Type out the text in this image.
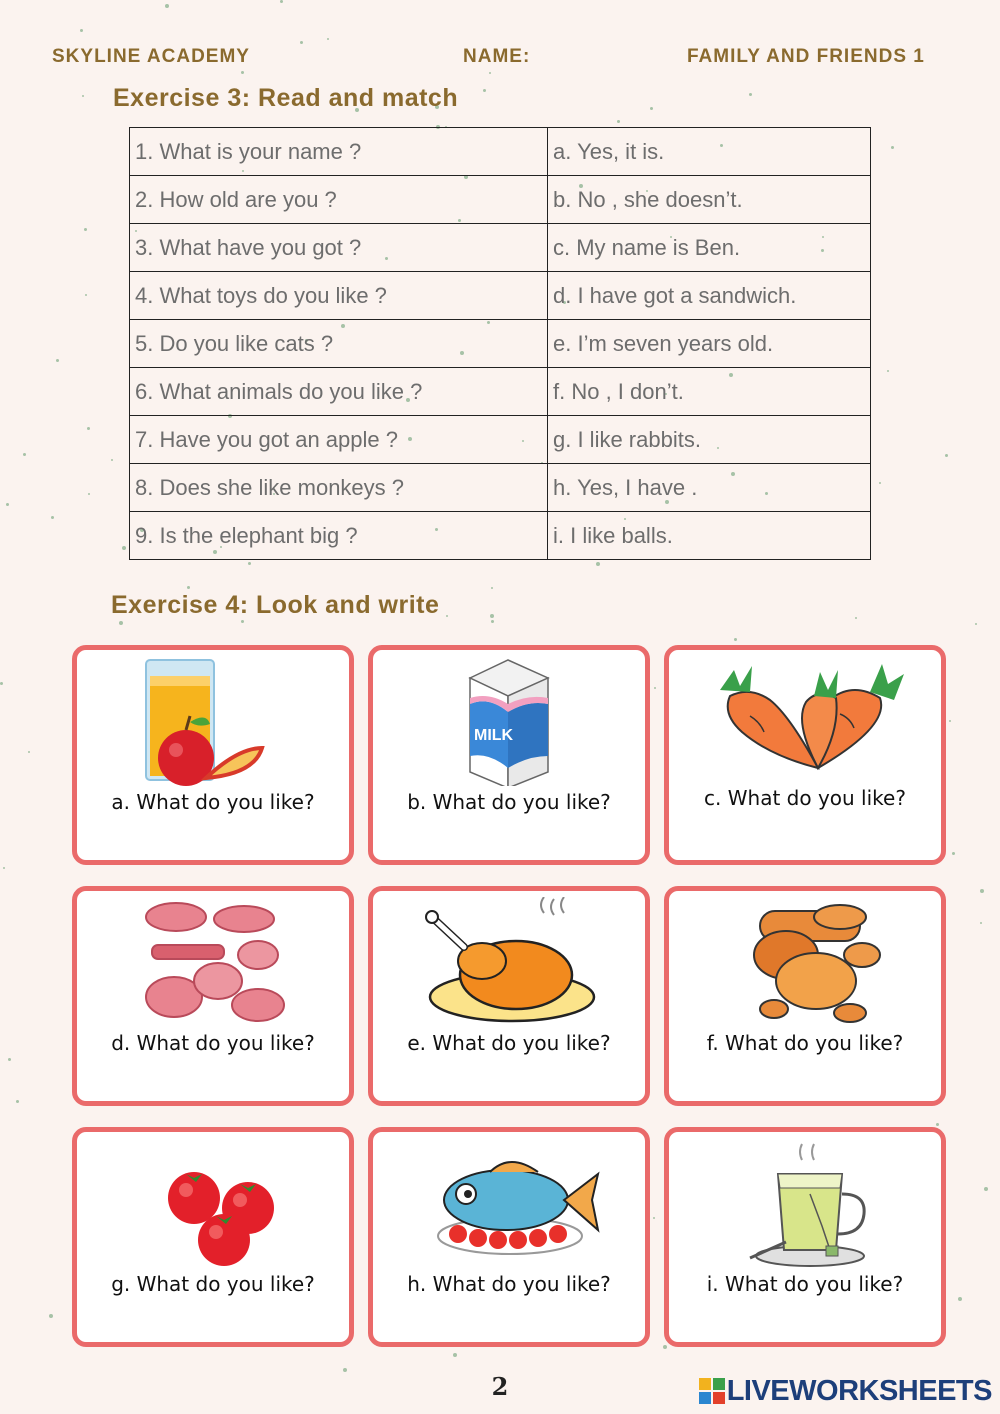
SKYLINE ACADEMY	NAME:	FAMILY AND FRIENDS 1
Exercise 3: Read and match
1. What is your name ?	a. Yes, it is.
2. How old are you ?	b. No , she doesn’t.
3. What have you got ?	c. My name is Ben.
4. What toys do you like ?	d. I have got a sandwich.
5. Do you like cats ?	e. I’m seven years old.
6. What animals do you like ?	f. No , I don’t.
7. Have you got an apple ?	g. I like rabbits.
8. Does she like monkeys ?	h. Yes, I have .
9. Is the elephant big ?	i. I like balls.
Exercise 4: Look and write
a. What do you like?
MILK
b. What do you like?	c. What do you like?
d. What do you like?	e. What do you like?	f. What do you like?
g. What do you like?	h. What do you like?	i. What do you like?
2	LIVEWORKSHEETS
